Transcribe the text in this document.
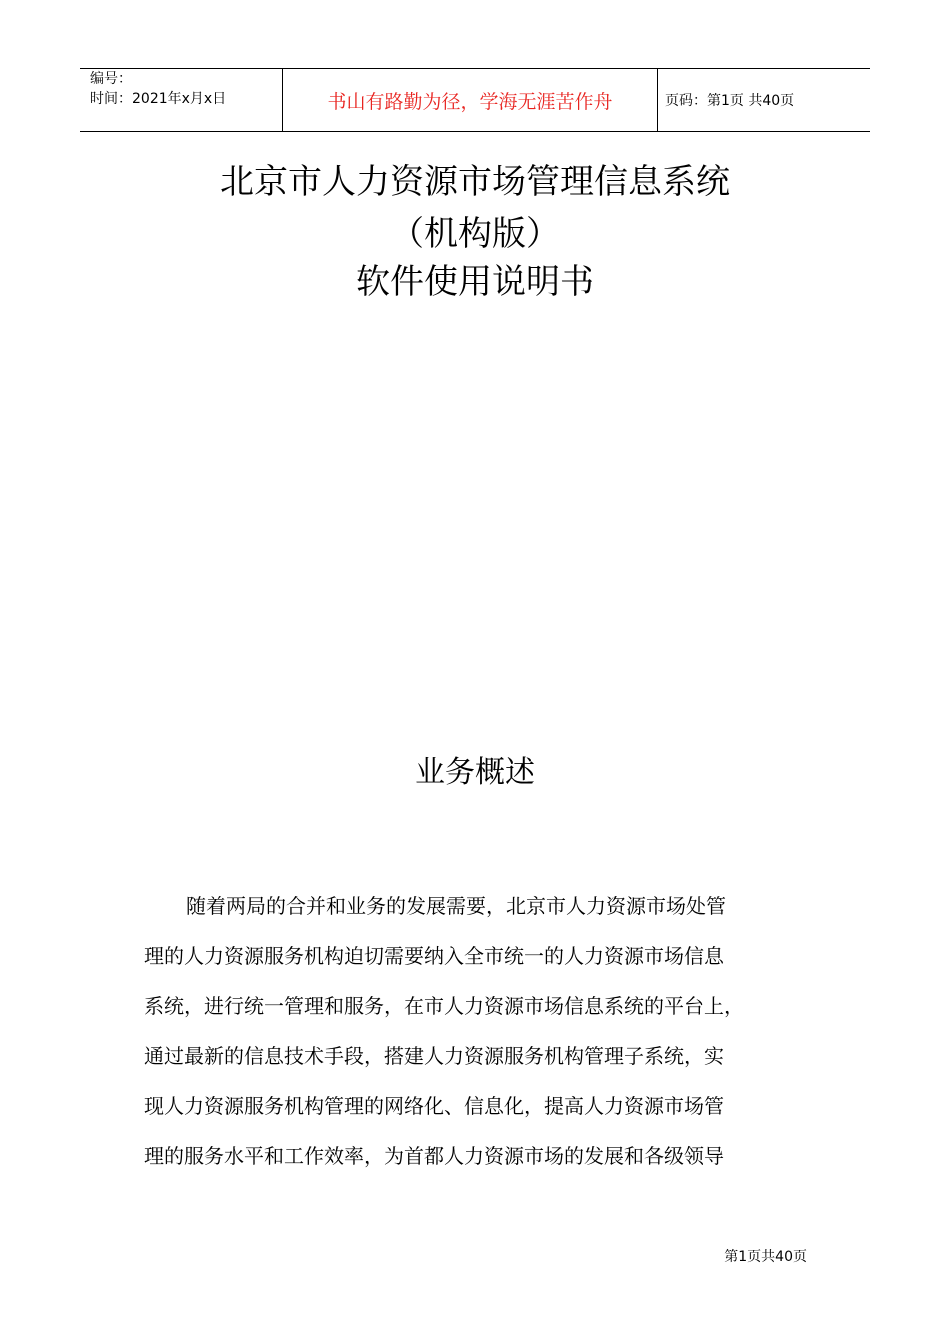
编号：
时间：2021年x月x日	书山有路勤为径，学海无涯苦作舟	页码：第1页 共40页
北京市人力资源市场管理信息系统
（机构版）
软件使用说明书
业务概述
随着两局的合并和业务的发展需要，北京市人力资源市场处管
理的人力资源服务机构迫切需要纳入全市统一的人力资源市场信息
系统，进行统一管理和服务，在市人力资源市场信息系统的平台上，
通过最新的信息技术手段，搭建人力资源服务机构管理子系统，实
现人力资源服务机构管理的网络化、信息化，提高人力资源市场管
理的服务水平和工作效率，为首都人力资源市场的发展和各级领导
第1页共40页
